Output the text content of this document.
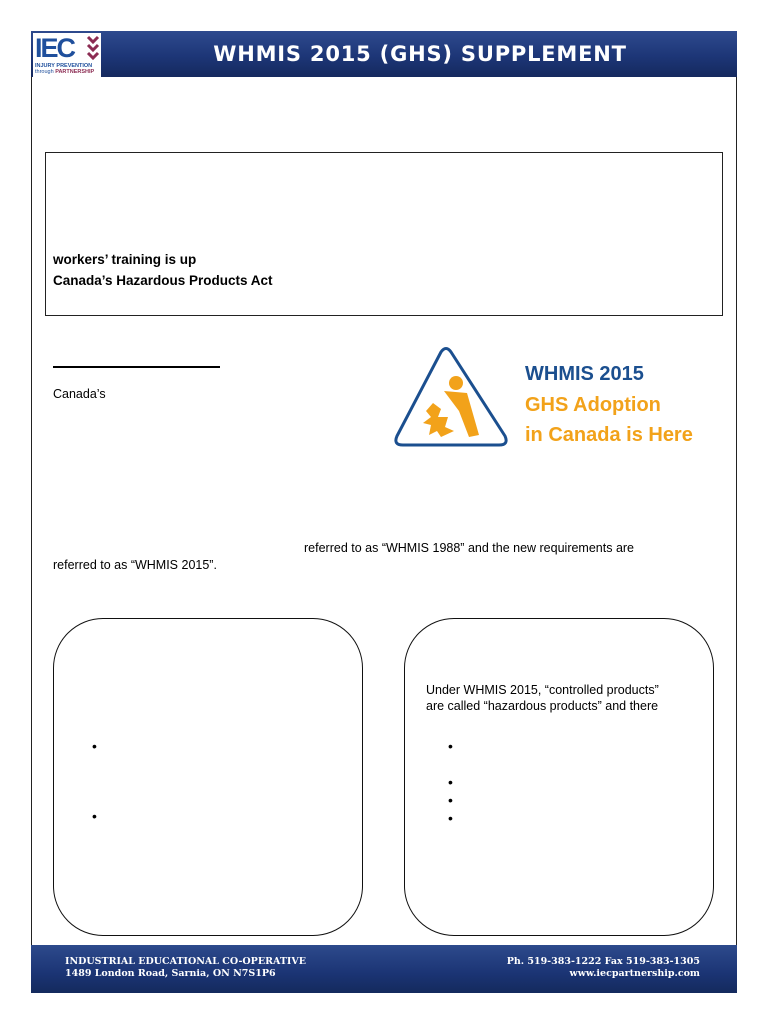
IEC
INJURY PREVENTION
through PARTNERSHIP
WHMIS 2015 (GHS) SUPPLEMENT
workers’ training is up
Canada’s Hazardous Products Act
Canada’s
WHMIS 2015
GHS Adoption
in Canada is Here
referred to as “WHMIS 1988” and the new requirements are
referred to as “WHMIS 2015”.
•
•
Under WHMIS 2015, “controlled products”
are called “hazardous products” and there
•
•
•
•
INDUSTRIAL EDUCATIONAL CO-OPERATIVE
1489 London Road, Sarnia, ON N7S1P6
Ph. 519-383-1222 Fax 519-383-1305
www.iecpartnership.com
